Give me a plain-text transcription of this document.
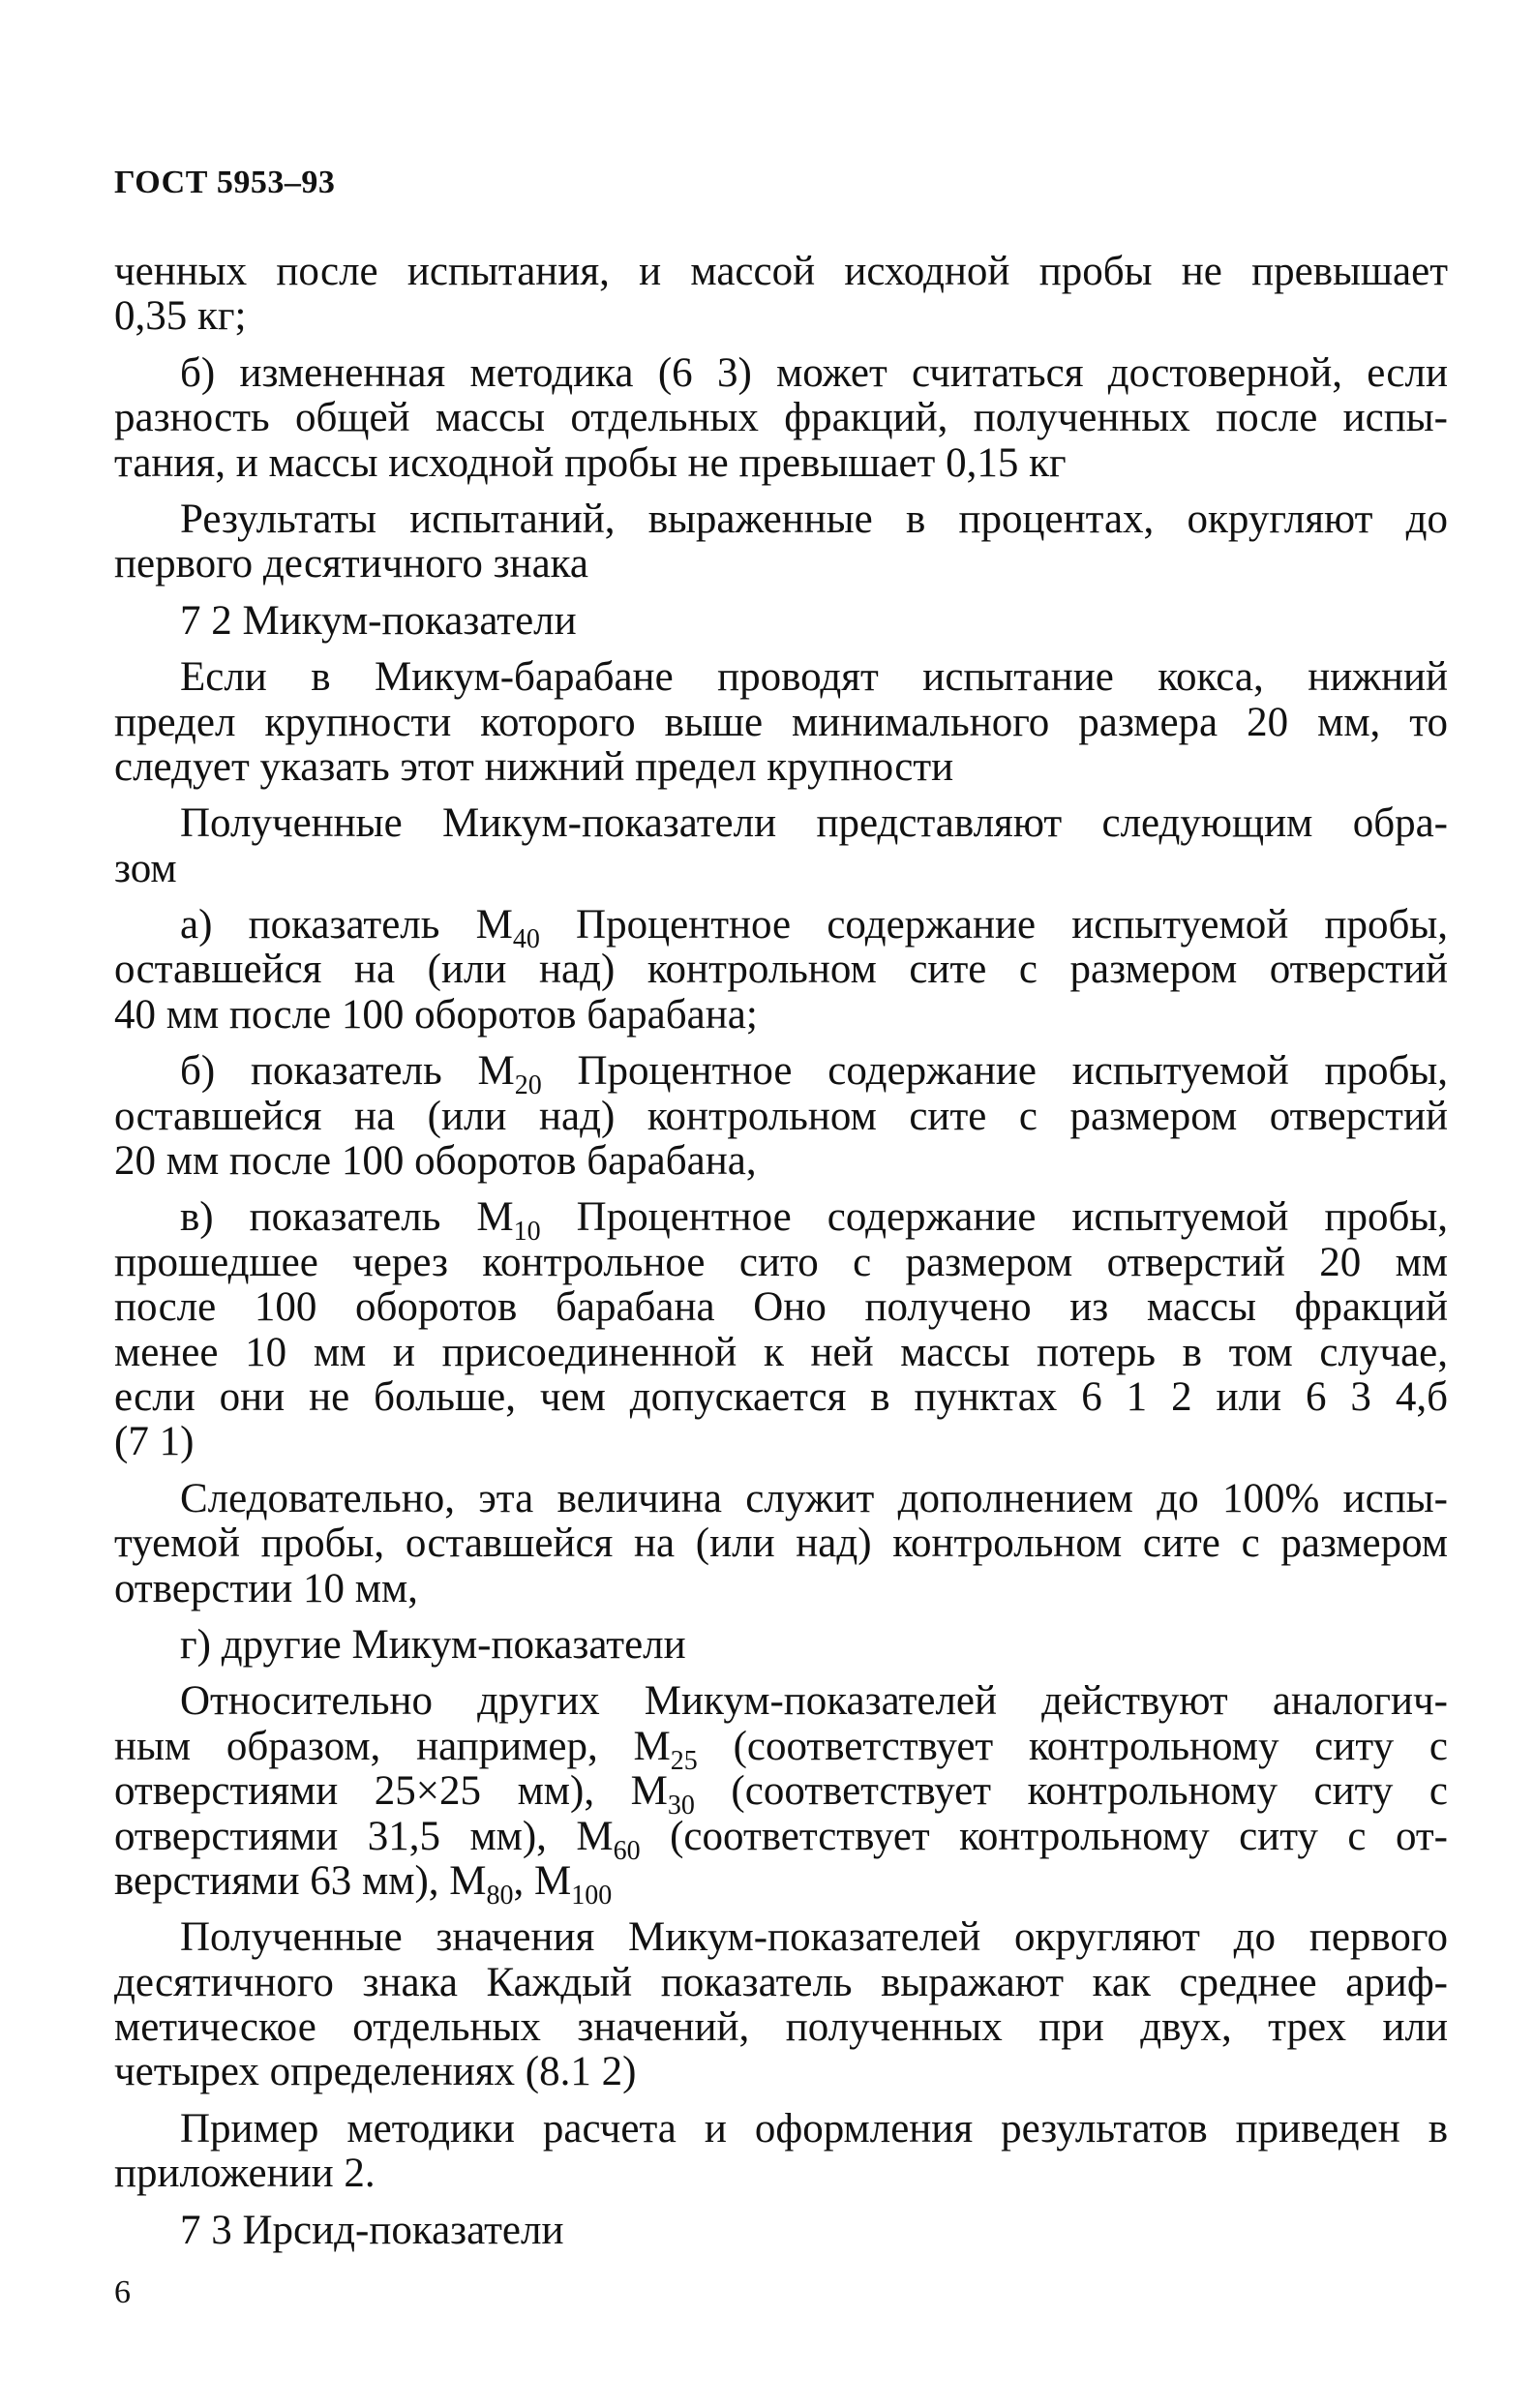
ГОСТ 5953–93
ченных после испытания, и массой исходной пробы не превышает
0,35 кг;
б) измененная методика (6 3) может считаться достоверной, если
разность общей массы отдельных фракций, полученных после испы-
тания, и массы исходной пробы не превышает 0,15 кг
Результаты испытаний, выраженные в процентах, округляют до
первого десятичного знака
7 2 Микум-показатели
Если в Микум-барабане проводят испытание кокса, нижний
предел крупности которого выше минимального размера 20 мм, то
следует указать этот нижний предел крупности
Полученные Микум-показатели представляют следующим обра-
зом
а) показатель $М_{40}$ Процентное содержание испытуемой пробы,
оставшейся на (или над) контрольном сите с размером отверстий
40 мм после 100 оборотов барабана;
б) показатель $М_{20}$ Процентное содержание испытуемой пробы,
оставшейся на (или над) контрольном сите с размером отверстий
20 мм после 100 оборотов барабана,
в) показатель $М_{10}$ Процентное содержание испытуемой пробы,
прошедшее через контрольное сито с размером отверстий 20 мм
после 100 оборотов барабана Оно получено из массы фракций
менее 10 мм и присоединенной к ней массы потерь в том случае,
если они не больше, чем допускается в пунктах 6 1 2 или 6 3 4,б
(7 1)
Следовательно, эта величина служит дополнением до 100% испы-
туемой пробы, оставшейся на (или над) контрольном сите с размером
отверстии 10 мм,
г) другие Микум-показатели
Относительно других Микум-показателей действуют аналогич-
ным образом, например, $М_{25}$ (соответствует контрольному ситу с
отверстиями 25×25 мм), $М_{30}$ (соответствует контрольному ситу с
отверстиями 31,5 мм), $М_{60}$ (соответствует контрольному ситу с от-
верстиями 63 мм), $М_{80}$, $М_{100}$
Полученные значения Микум-показателей округляют до первого
десятичного знака Каждый показатель выражают как среднее ариф-
метическое отдельных значений, полученных при двух, трех или
четырех определениях (8.1 2)
Пример методики расчета и оформления результатов приведен в
приложении 2.
7 3 Ирсид-показатели
6
